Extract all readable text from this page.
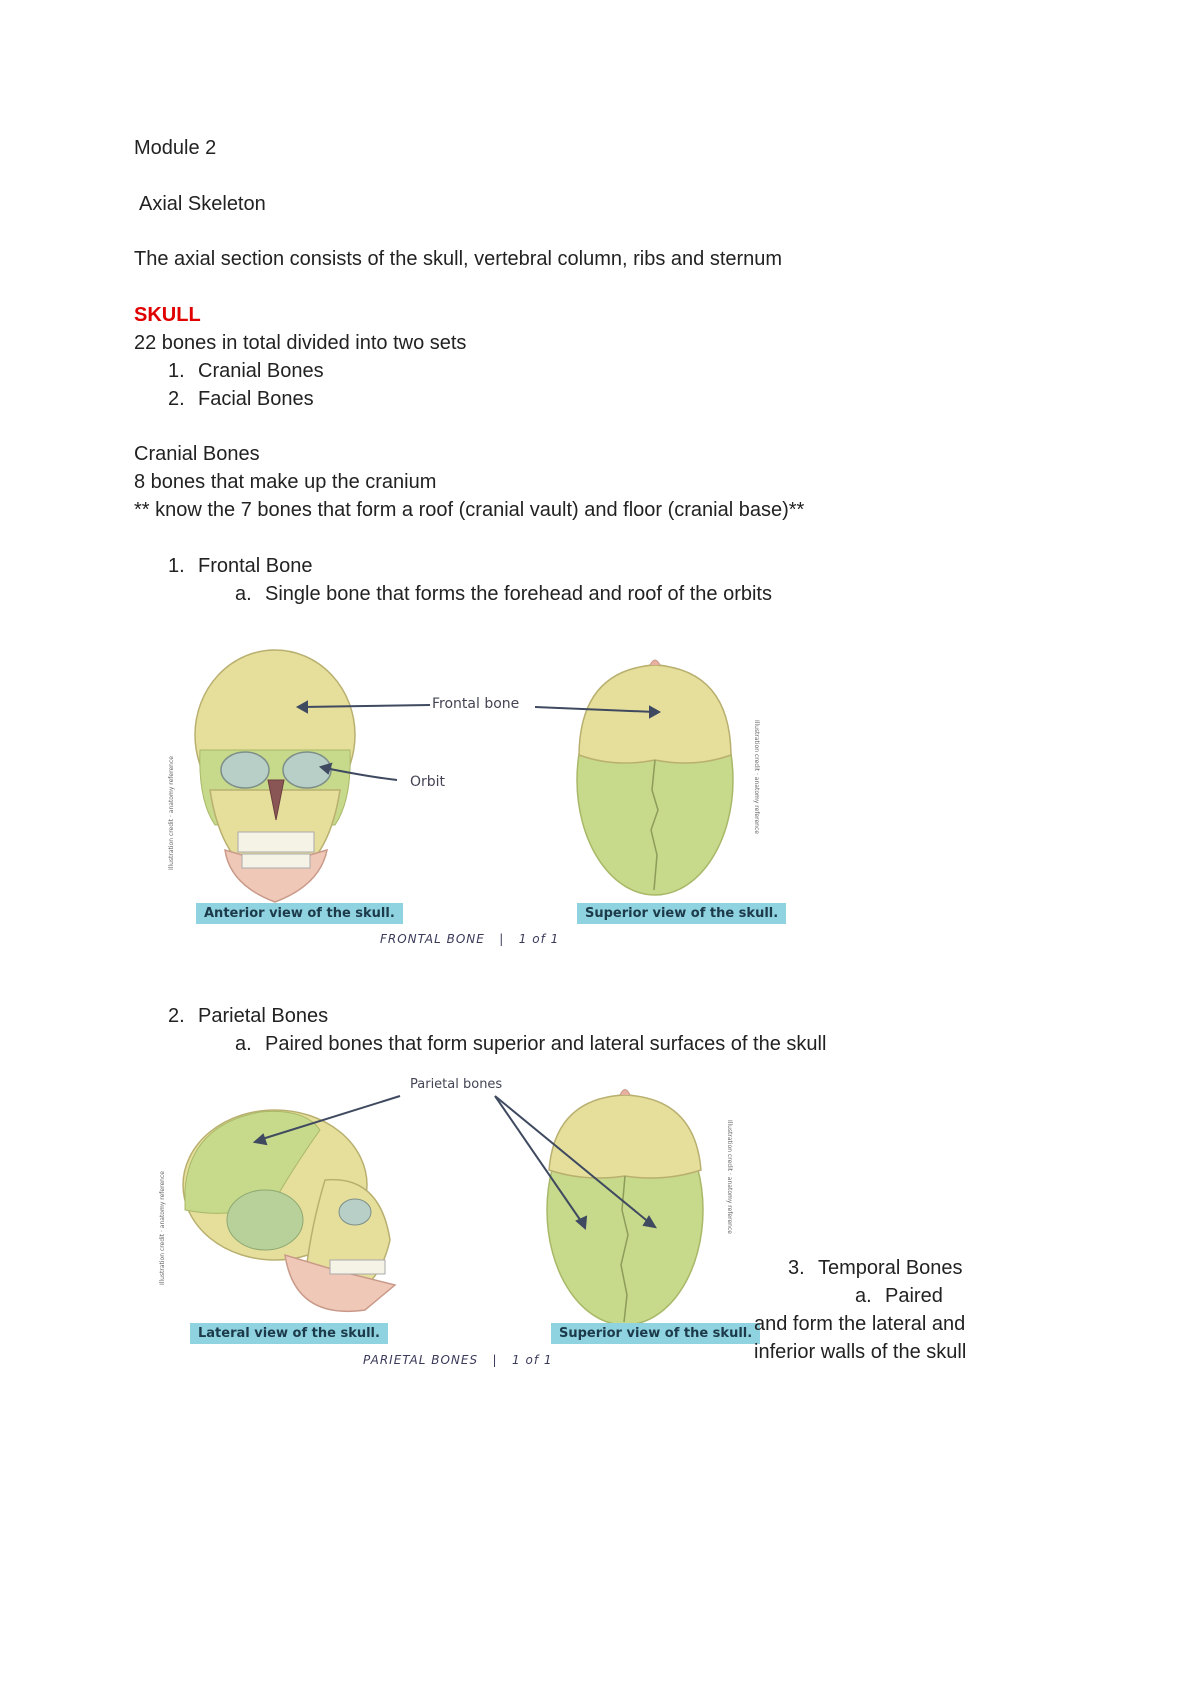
Module 2
Axial Skeleton
The axial section consists of the skull, vertebral column, ribs and sternum
SKULL
22 bones in total divided into two sets
1. Cranial Bones
2. Facial Bones
Cranial Bones
8 bones that make up the cranium
** know the 7 bones that form a roof (cranial vault) and floor (cranial base)**
1. Frontal Bone
a. Single bone that forms the forehead and roof of the orbits
Illustration credit · anatomy reference
Frontal bone
Orbit	Illustration credit · anatomy reference
Anterior view of the skull.	Superior view of the skull.
FRONTAL BONE   |   1 of 1
2. Parietal Bones
a. Paired bones that form superior and lateral surfaces of the skull
Illustration credit · anatomy reference
Parietal bones
Illustration credit · anatomy reference
Lateral view of the skull.	Superior view of the skull.
PARIETAL BONES   |   1 of 1
3. Temporal Bones
a. Paired
and form the lateral and
inferior walls of the skull
